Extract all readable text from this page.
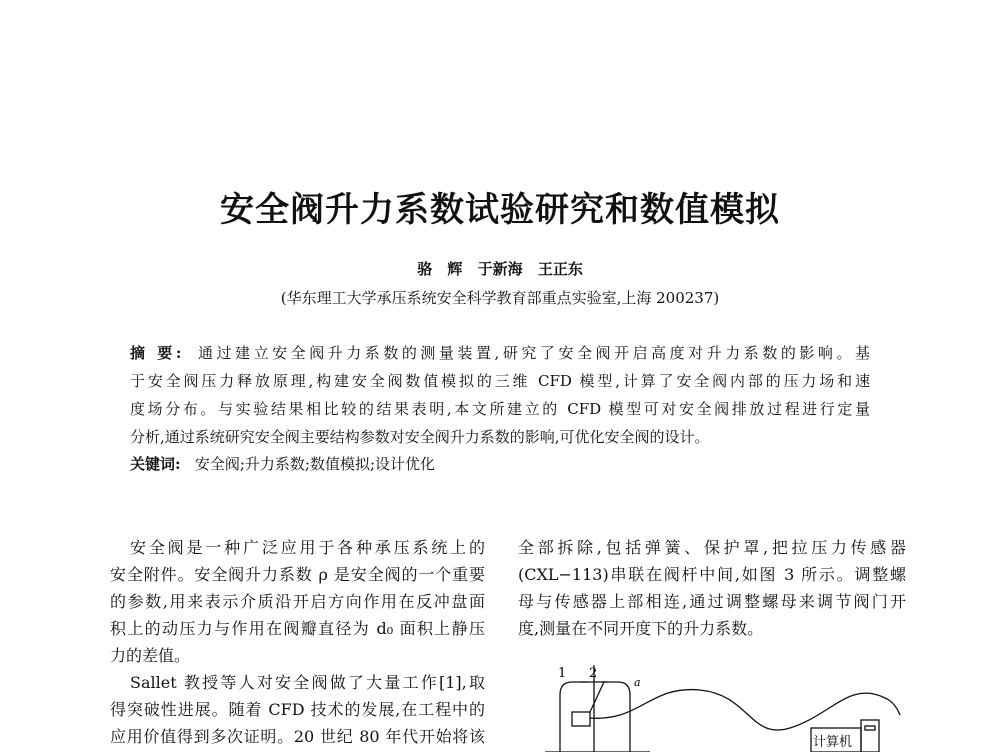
安全阀升力系数试验研究和数值模拟
骆 辉 于新海 王正东
(华东理工大学承压系统安全科学教育部重点实验室,上海 200237)
摘 要: 通过建立安全阀升力系数的测量装置,研究了安全阀开启高度对升力系数的影响。基
于安全阀压力释放原理,构建安全阀数值模拟的三维 CFD 模型,计算了安全阀内部的压力场和速
度场分布。与实验结果相比较的结果表明,本文所建立的 CFD 模型可对安全阀排放过程进行定量
分析,通过系统研究安全阀主要结构参数对安全阀升力系数的影响,可优化安全阀的设计。
关键词: 安全阀;升力系数;数值模拟;设计优化
安全阀是一种广泛应用于各种承压系统上的
安全附件。安全阀升力系数 ρ 是安全阀的一个重要
的参数,用来表示介质沿开启方向作用在反冲盘面
积上的动压力与作用在阀瓣直径为 d₀ 面积上静压
力的差值。
Sallet 教授等人对安全阀做了大量工作[1],取
得突破性进展。随着 CFD 技术的发展,在工程中的
应用价值得到多次证明。20 世纪 80 年代开始将该
全部拆除,包括弹簧、保护罩,把拉压力传感器
(CXL−113)串联在阀杆中间,如图 3 所示。调整螺
母与传感器上部相连,通过调整螺母来调节阀门开
度,测量在不同开度下的升力系数。
1 2
a
计算机
